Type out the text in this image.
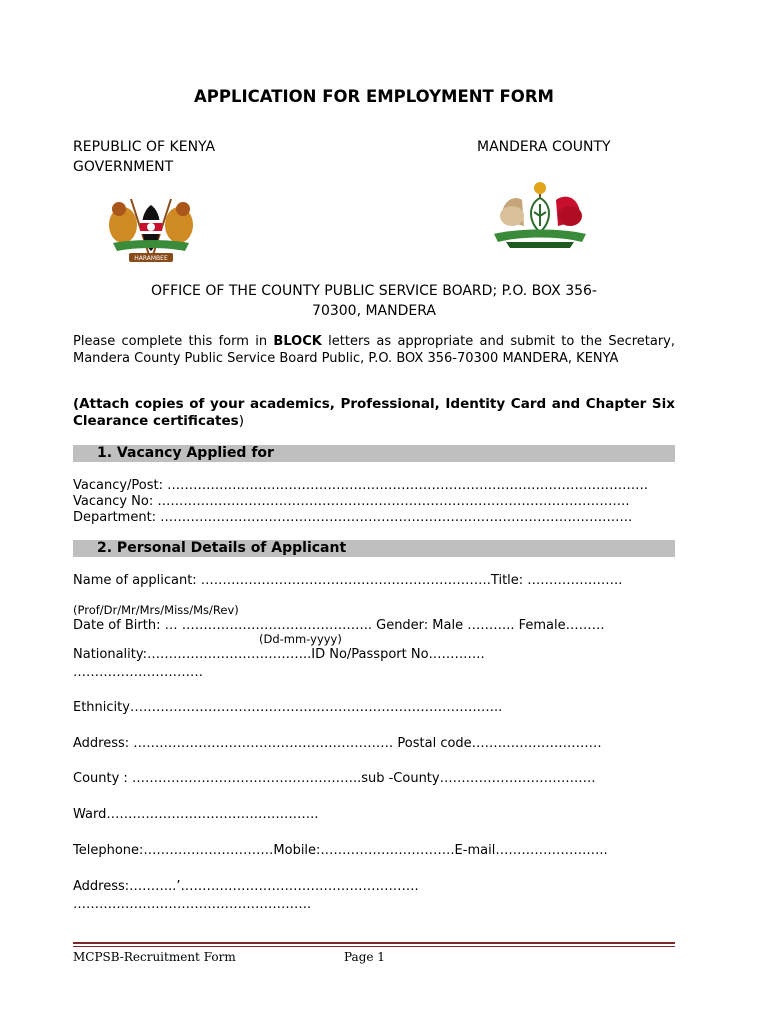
APPLICATION FOR EMPLOYMENT FORM
REPUBLIC OF KENYA
GOVERNMENT
MANDERA COUNTY
HARAMBEE
OFFICE OF THE COUNTY PUBLIC SERVICE BOARD; P.O. BOX 356-
70300, MANDERA
Please complete this form in BLOCK letters as appropriate and submit to the Secretary, Mandera County Public Service Board Public, P.O. BOX 356-70300 MANDERA, KENYA
(Attach copies of your academics, Professional, Identity Card and Chapter Six Clearance certificates)
1. Vacancy Applied for
Vacancy/Post: …………………………………………………………………………………………………
Vacancy No: ……………………………………………………………………………………………….
Department: ……………………………………………………………………………………………….
2. Personal Details of Applicant
Name of applicant: ………………………………………………………….Title: ………………….
(Prof/Dr/Mr/Mrs/Miss/Ms/Rev)
Date of Birth: … …………………………………….. Gender: Male ……….. Female………
(Dd-mm-yyyy)
Nationality:………………………………..ID No/Passport No………….
…………………………
Ethnicity…………………………………………………………………………..
Address: …………………………………………………… Postal code…………………………
County : ……………………………………………..sub -County………………………………
Ward………………………………………….
Telephone:…………………………Mobile:………………………….E-mail……………………..
Address:………..’……………………………………………….
……………………………………………….
MCPSB-Recruitment Form	Page 1
